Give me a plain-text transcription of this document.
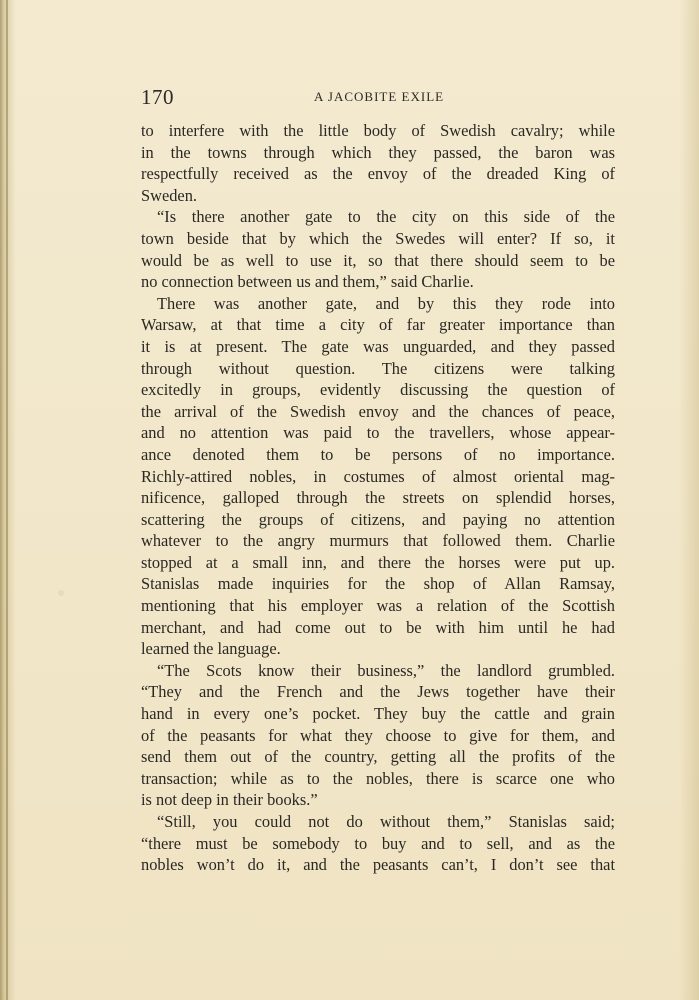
170	A JACOBITE EXILE
to interfere with the little body of Swedish cavalry; while
in the towns through which they passed, the baron was
respectfully received as the envoy of the dreaded King of
Sweden.
“Is there another gate to the city on this side of the
town beside that by which the Swedes will enter? If so, it
would be as well to use it, so that there should seem to be
no connection between us and them,” said Charlie.
There was another gate, and by this they rode into
Warsaw, at that time a city of far greater importance than
it is at present. The gate was unguarded, and they passed
through without question. The citizens were talking
excitedly in groups, evidently discussing the question of
the arrival of the Swedish envoy and the chances of peace,
and no attention was paid to the travellers, whose appear-
ance denoted them to be persons of no importance.
Richly-attired nobles, in costumes of almost oriental mag-
nificence, galloped through the streets on splendid horses,
scattering the groups of citizens, and paying no attention
whatever to the angry murmurs that followed them. Charlie
stopped at a small inn, and there the horses were put up.
Stanislas made inquiries for the shop of Allan Ramsay,
mentioning that his employer was a relation of the Scottish
merchant, and had come out to be with him until he had
learned the language.
“The Scots know their business,” the landlord grumbled.
“They and the French and the Jews together have their
hand in every one’s pocket. They buy the cattle and grain
of the peasants for what they choose to give for them, and
send them out of the country, getting all the profits of the
transaction; while as to the nobles, there is scarce one who
is not deep in their books.”
“Still, you could not do without them,” Stanislas said;
“there must be somebody to buy and to sell, and as the
nobles won’t do it, and the peasants can’t, I don’t see that
